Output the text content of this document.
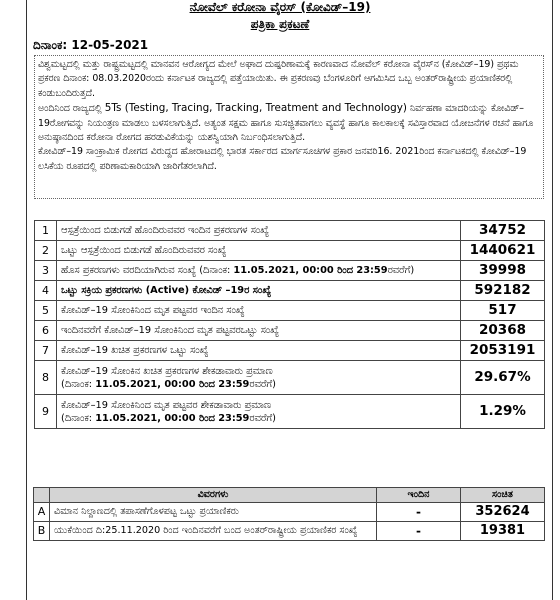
ನೋವೆಲ್ ಕರೋನಾ ವೈರಸ್ (ಕೋವಿಡ್–19)
ಪತ್ರಿಕಾ ಪ್ರಕಟಣೆ
ದಿನಾಂಕ: 12-05-2021

ವಿಶ್ವಮಟ್ಟದಲ್ಲಿ ಮತ್ತು ರಾಷ್ಟ್ರಮಟ್ಟದಲ್ಲಿ ಮಾನವನ ಆರೋಗ್ಯದ ಮೇಲೆ ಅಘಾದ ದುಷ್ಪರಿಣಾಮಕ್ಕೆ ಕಾರಣವಾದ ನೋವೆಲ್ ಕರೋನಾ ವೈರಸ್‌ನ (ಕೋವಿಡ್–19) ಪ್ರಥಮ ಪ್ರಕರಣ ದಿನಾಂಕ: 08.03.2020ರಂದು ಕರ್ನಾಟಕ ರಾಜ್ಯದಲ್ಲಿ ಪತ್ತೆಯಾಯಿತು. ಈ ಪ್ರಕರಣವು ಬೆಂಗಳೂರಿಗೆ ಆಗಮಿಸಿದ ಒಬ್ಬ ಅಂತರ್‌ರಾಷ್ಟ್ರೀಯ ಪ್ರಯಾಣಿಕರಲ್ಲಿ ಕಂಡುಬಂದಿರುತ್ತದೆ.

ಅಂದಿನಿಂದ ರಾಜ್ಯದಲ್ಲಿ 5Ts (Testing, Tracing, Tracking, Treatment and Technology) ನಿರ್ವಹಣಾ ಮಾದರಿಯನ್ನು ಕೋವಿಡ್–19ರೋಗವನ್ನು ನಿಯಂತ್ರಣ ಮಾಡಲು ಬಳಸಲಾಗುತ್ತಿದೆ. ಅತ್ಯಂತ ಸಕ್ಷಮ ಹಾಗೂ ಸುಸಜ್ಜಿತವಾಗಲು ವ್ಯವಸ್ಥೆ ಹಾಗೂ ಕಾಲಕಾಲಕ್ಕೆ ಸವಿಸ್ತಾರವಾದ ಯೋಜನೆಗಳ ರಚನೆ ಹಾಗೂ ಅನುಷ್ಠಾನದಿಂದ ಕರೋನಾ ರೋಗದ ಹರಡುವಿಕೆಯನ್ನು ಯಶಸ್ವಿಯಾಗಿ ನಿರ್ಬಂಧಿಸಲಾಗುತ್ತಿದೆ.

ಕೋವಿಡ್–19 ಸಾಂಕ್ರಾಮಿಕ ರೋಗದ ವಿರುದ್ದದ ಹೋರಾಟದಲ್ಲಿ ಭಾರತ ಸರ್ಕಾರದ ಮಾರ್ಗಸೂಚಿಗಳ ಪ್ರಕಾರ ಜನವರಿ16. 2021ರಿಂದ ಕರ್ನಾಟಕದಲ್ಲಿ ಕೋವಿಡ್–19 ಲಸಿಕೆಯ ರೂಪದಲ್ಲಿ ಪರಿಣಾಮಕಾರಿಯಾಗಿ ಜಾರಿಗೆತರಲಾಗಿದೆ.

1	ಆಸ್ಪತ್ರೆಯಿಂದ ಬಿಡುಗಡೆ ಹೊಂದಿರುವವರ ಇಂದಿನ ಪ್ರಕರಣಗಳ ಸಂಖ್ಯೆ	34752
2	ಒಟ್ಟು ಆಸ್ಪತ್ರೆಯಿಂದ ಬಿಡುಗಡೆ ಹೊಂದಿರುವವರ ಸಂಖ್ಯೆ	1440621
3	ಹೊಸ ಪ್ರಕರಣಗಳು ವರದಿಯಾಗಿರುವ ಸಂಖ್ಯೆ (ದಿನಾಂಕ: 11.05.2021, 00:00 ರಿಂದ 23:59ರವರೆಗೆ)	39998
4	ಒಟ್ಟು ಸಕ್ರಿಯ ಪ್ರಕರಣಗಳು (Active) ಕೋವಿಡ್ –19ರ ಸಂಖ್ಯೆ	592182
5	ಕೋವಿಡ್–19 ಸೋಂಕಿನಿಂದ ಮೃತ ಪಟ್ಟವರ ಇಂದಿನ ಸಂಖ್ಯೆ	517
6	ಇಂದಿನವರೆಗೆ ಕೋವಿಡ್–19 ಸೋಂಕಿನಿಂದ ಮೃತ ಪಟ್ಟವರಒಟ್ಟು ಸಂಖ್ಯೆ	20368
7	ಕೋವಿಡ್–19 ಖಚಿತ ಪ್ರಕರಣಗಳ ಒಟ್ಟು ಸಂಖ್ಯೆ	2053191
8	ಕೋವಿಡ್–19 ಸೋಂಕಿನ ಖಚಿತ ಪ್ರಕರಣಗಳ ಶೇಕಡಾವಾರು ಪ್ರಮಾಣ
(ದಿನಾಂಕ: 11.05.2021, 00:00 ರಿಂದ 23:59ರವರೆಗೆ)	29.67%
9	ಕೋವಿಡ್–19 ಸೋಂಕಿನಿಂದ ಮೃತ ಪಟ್ಟವರ ಶೇಕಡಾವಾರು ಪ್ರಮಾಣ
(ದಿನಾಂಕ: 11.05.2021, 00:00 ರಿಂದ 23:59ರವರೆಗೆ)	1.29%
	ವಿವರಗಳು	ಇಂದಿನ	ಸಂಚಿತ
A	ವಿಮಾನ ನಿಲ್ದಾಣದಲ್ಲಿ ತಪಾಸಣೆಗೊಳಪಟ್ಟ ಒಟ್ಟು ಪ್ರಯಾಣಿಕರು	-	352624
B	ಯುಕೆಯಿಂದ ದಿ:25.11.2020 ರಿಂದ ಇಂದಿನವರೆಗೆ ಬಂದ ಅಂತರ್‌ರಾಷ್ಟ್ರೀಯ ಪ್ರಯಾಣಿಕರ ಸಂಖ್ಯೆ	-	19381
